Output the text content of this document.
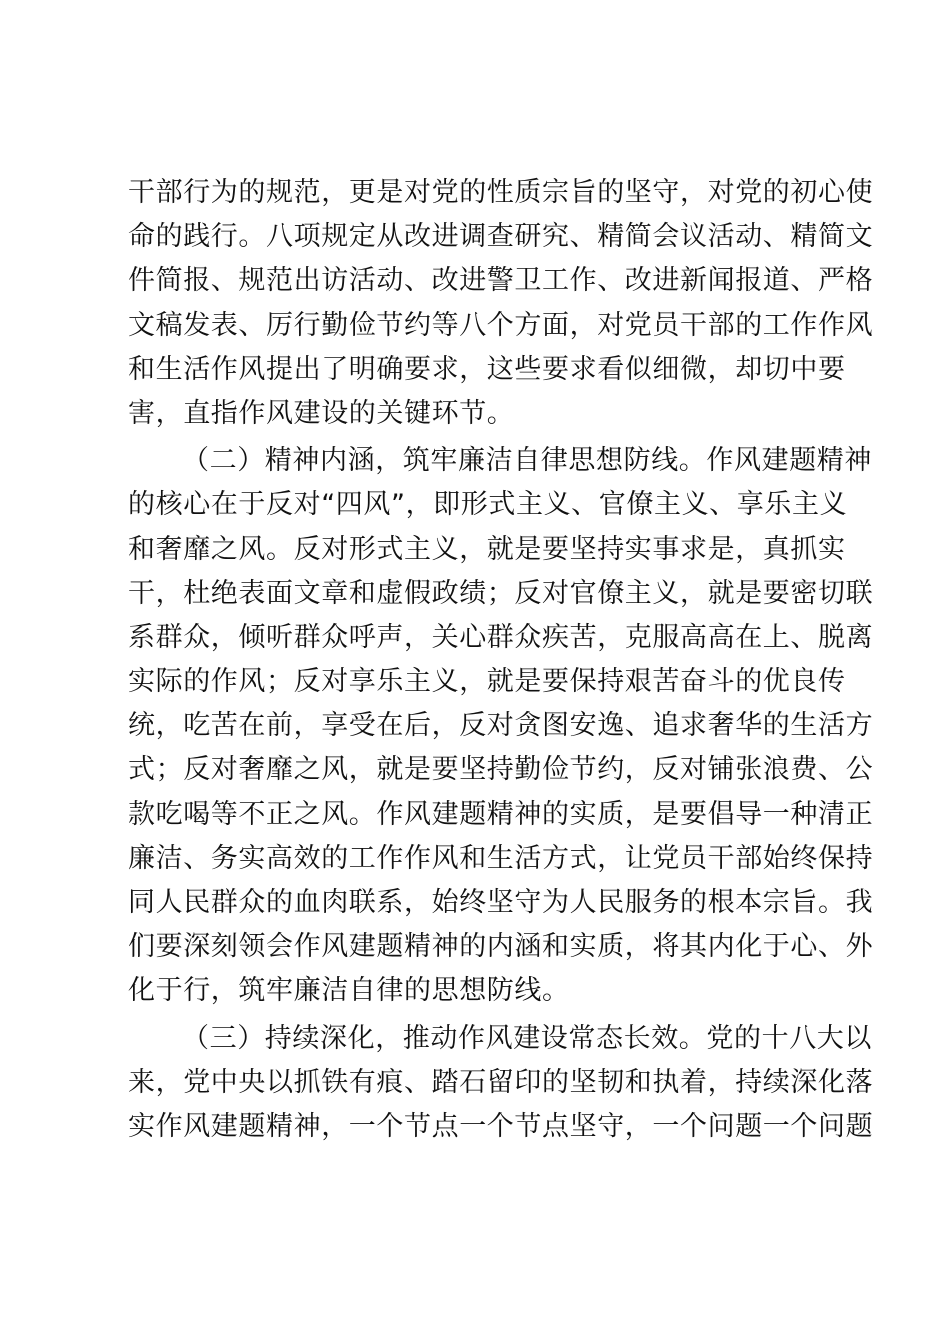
干部行为的规范，更是对党的性质宗旨的坚守，对党的初心使
命的践行。八项规定从改进调查研究、精简会议活动、精简文
件简报、规范出访活动、改进警卫工作、改进新闻报道、严格
文稿发表、厉行勤俭节约等八个方面，对党员干部的工作作风
和生活作风提出了明确要求，这些要求看似细微，却切中要
害，直指作风建设的关键环节。
（二）精神内涵，筑牢廉洁自律思想防线。作风建题精神
的核心在于反对“四风”，即形式主义、官僚主义、享乐主义
和奢靡之风。反对形式主义，就是要坚持实事求是，真抓实
干，杜绝表面文章和虚假政绩；反对官僚主义，就是要密切联
系群众，倾听群众呼声，关心群众疾苦，克服高高在上、脱离
实际的作风；反对享乐主义，就是要保持艰苦奋斗的优良传
统，吃苦在前，享受在后，反对贪图安逸、追求奢华的生活方
式；反对奢靡之风，就是要坚持勤俭节约，反对铺张浪费、公
款吃喝等不正之风。作风建题精神的实质，是要倡导一种清正
廉洁、务实高效的工作作风和生活方式，让党员干部始终保持
同人民群众的血肉联系，始终坚守为人民服务的根本宗旨。我
们要深刻领会作风建题精神的内涵和实质，将其内化于心、外
化于行，筑牢廉洁自律的思想防线。
（三）持续深化，推动作风建设常态长效。党的十八大以
来，党中央以抓铁有痕、踏石留印的坚韧和执着，持续深化落
实作风建题精神，一个节点一个节点坚守，一个问题一个问题
